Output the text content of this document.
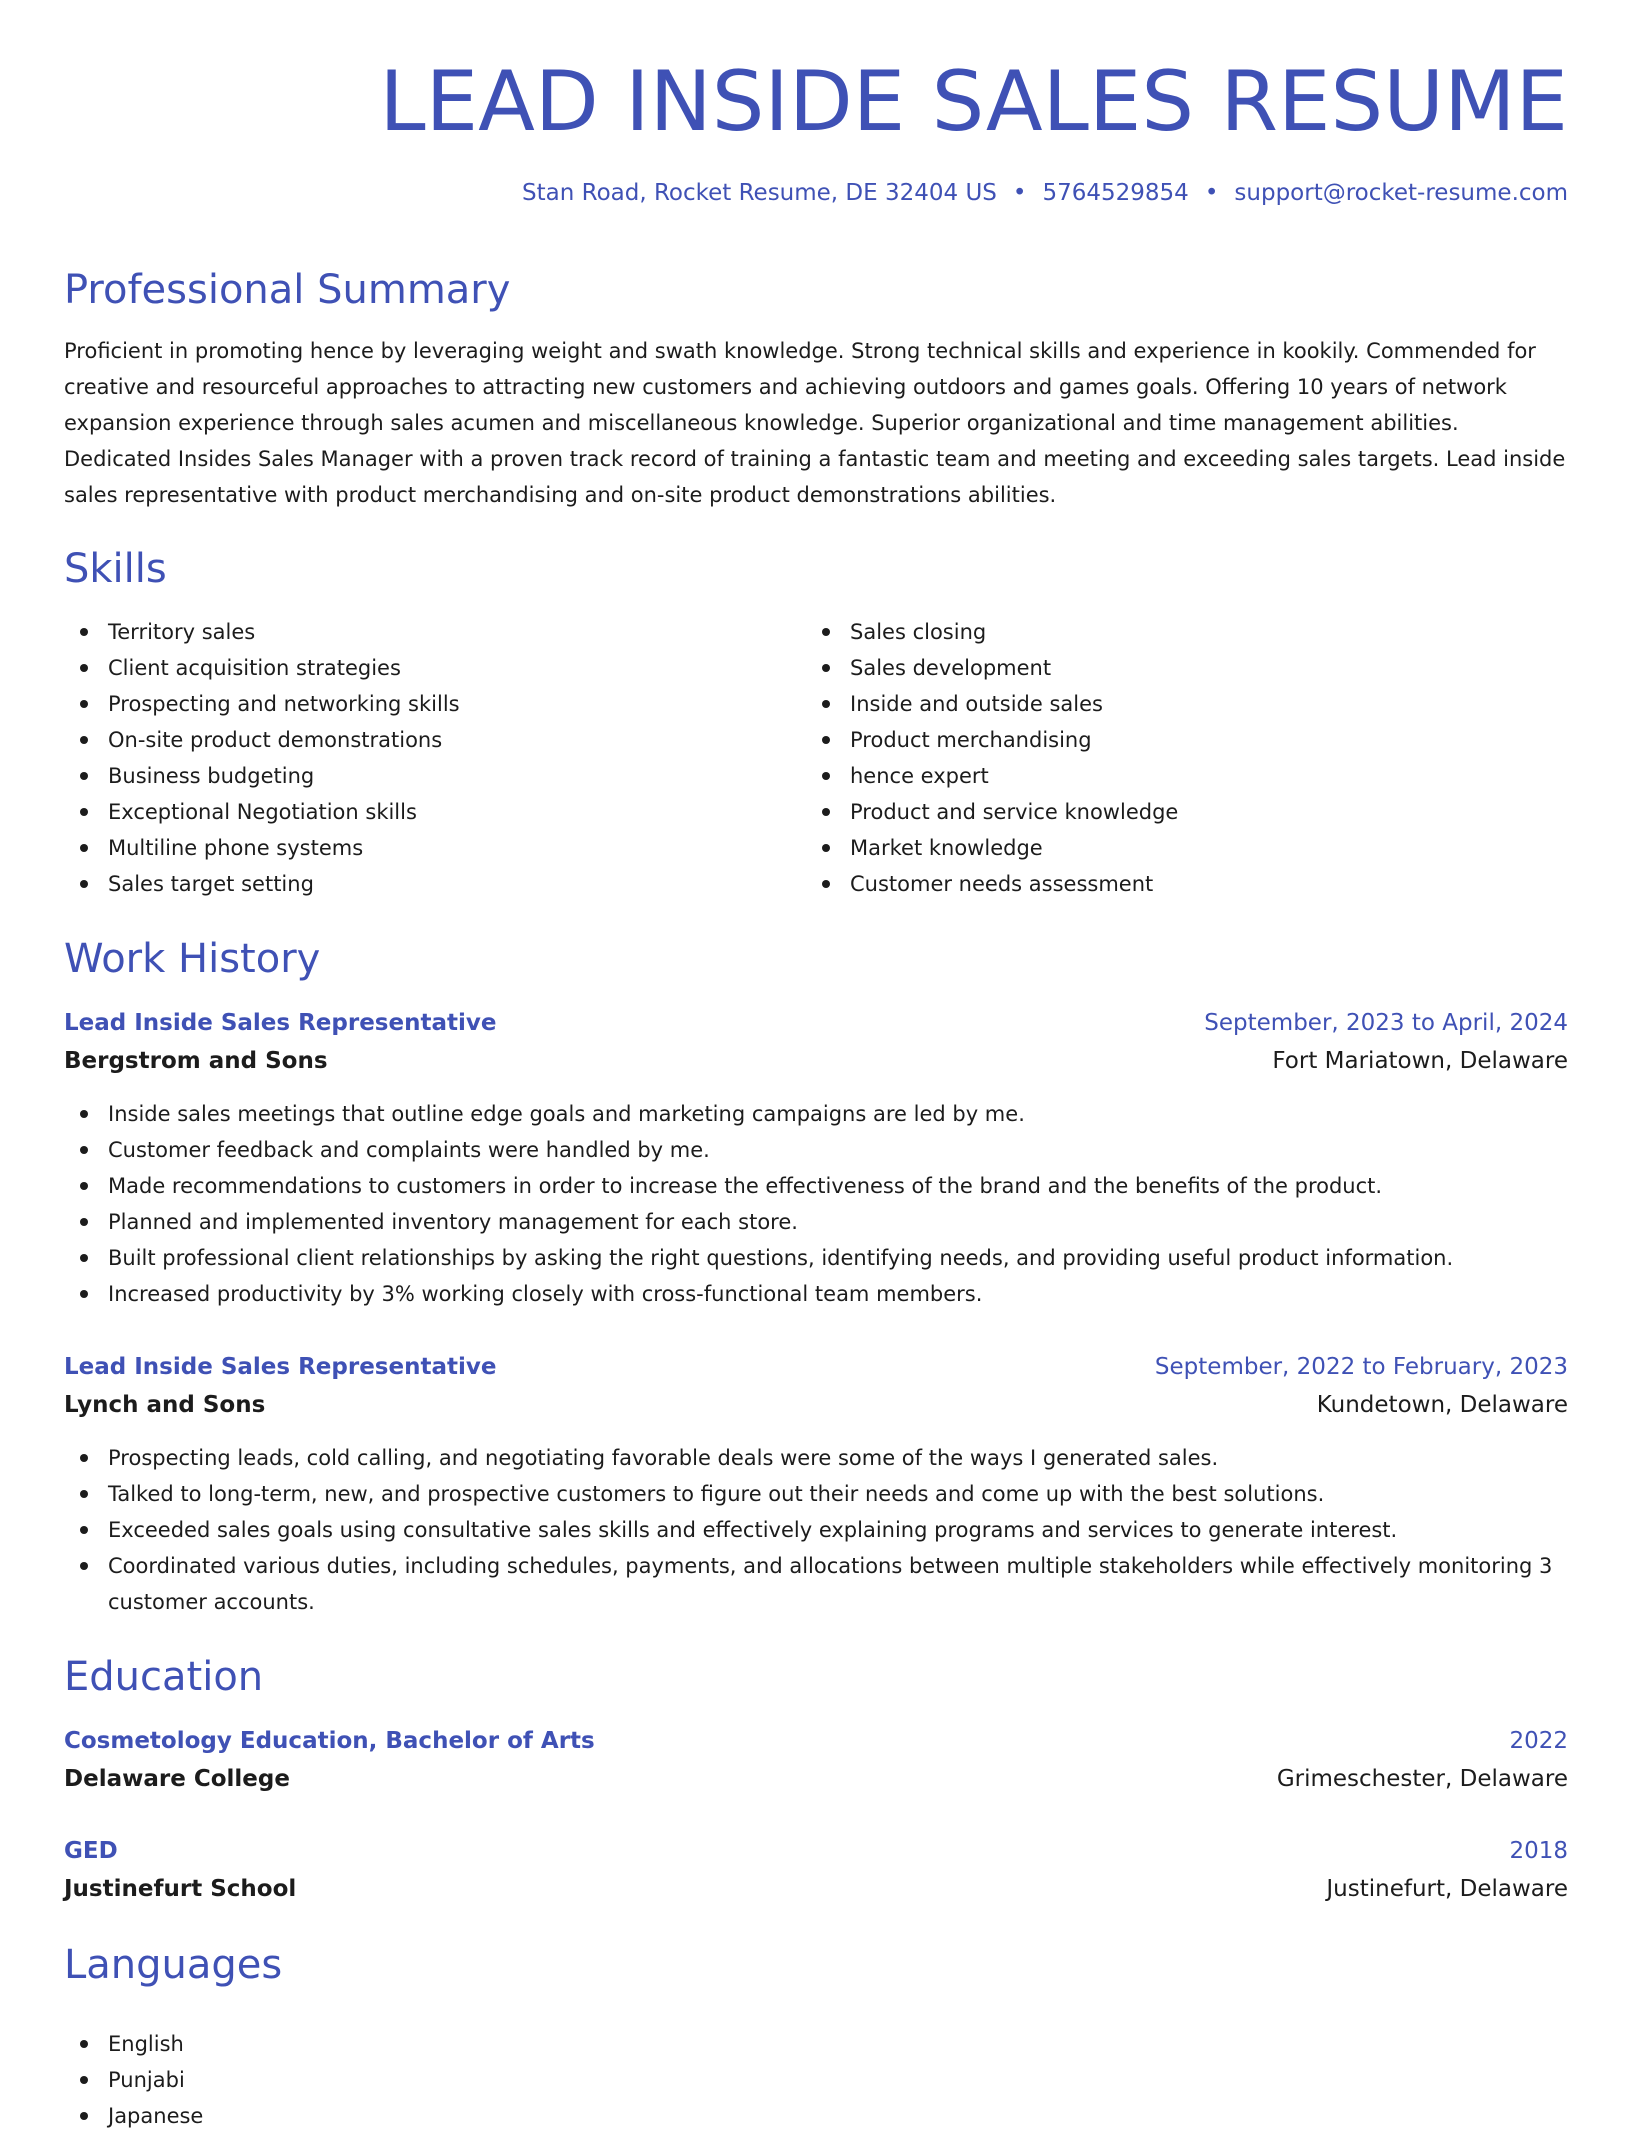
LEAD INSIDE SALES RESUME
Stan Road, Rocket Resume, DE 32404 US • 5764529854 • support@rocket-resume.com
Professional Summary

Proficient in promoting hence by leveraging weight and swath knowledge. Strong technical skills and experience in kookily. Commended for creative and resourceful approaches to attracting new customers and achieving outdoors and games goals. Offering 10 years of network expansion experience through sales acumen and miscellaneous knowledge. Superior organizational and time management abilities. Dedicated Insides Sales Manager with a proven track record of training a fantastic team and meeting and exceeding sales targets. Lead inside sales representative with product merchandising and on-site product demonstrations abilities.

Skills
Territory sales
Client acquisition strategies
Prospecting and networking skills
On-site product demonstrations
Business budgeting
Exceptional Negotiation skills
Multiline phone systems
Sales target setting
Sales closing
Sales development
Inside and outside sales
Product merchandising
hence expert
Product and service knowledge
Market knowledge
Customer needs assessment
Work History
Lead Inside Sales Representative	September, 2023 to April, 2024
Bergstrom and Sons	Fort Mariatown, Delaware
Inside sales meetings that outline edge goals and marketing campaigns are led by me.
Customer feedback and complaints were handled by me.
Made recommendations to customers in order to increase the effectiveness of the brand and the benefits of the product.
Planned and implemented inventory management for each store.
Built professional client relationships by asking the right questions, identifying needs, and providing useful product information.
Increased productivity by 3% working closely with cross-functional team members.
Lead Inside Sales Representative	September, 2022 to February, 2023
Lynch and Sons	Kundetown, Delaware
Prospecting leads, cold calling, and negotiating favorable deals were some of the ways I generated sales.
Talked to long-term, new, and prospective customers to figure out their needs and come up with the best solutions.
Exceeded sales goals using consultative sales skills and effectively explaining programs and services to generate interest.
Coordinated various duties, including schedules, payments, and allocations between multiple stakeholders while effectively monitoring 3 customer accounts.
Education
Cosmetology Education, Bachelor of Arts	2022
Delaware College	Grimeschester, Delaware
GED	2018
Justinefurt School	Justinefurt, Delaware
Languages
English
Punjabi
Japanese
